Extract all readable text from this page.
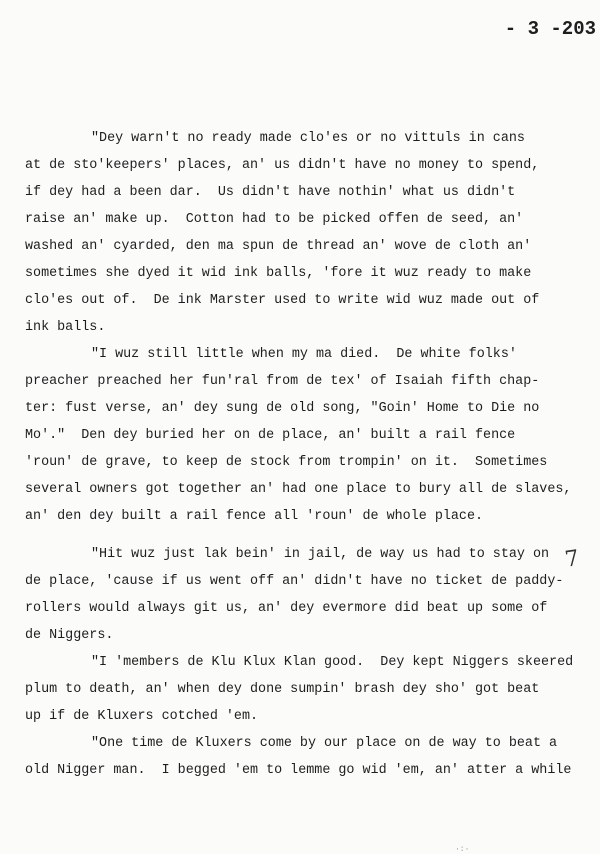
- 3 -203
7
"Dey warn't no ready made clo'es or no vittuls in cans
at de sto'keepers' places, an' us didn't have no money to spend,
if dey had a been dar.  Us didn't have nothin' what us didn't
raise an' make up.  Cotton had to be picked offen de seed, an'
washed an' cyarded, den ma spun de thread an' wove de cloth an'
sometimes she dyed it wid ink balls, 'fore it wuz ready to make
clo'es out of.  De ink Marster used to write wid wuz made out of
ink balls.
"I wuz still little when my ma died.  De white folks'
preacher preached her fun'ral from de tex' of Isaiah fifth chap-
ter: fust verse, an' dey sung de old song, "Goin' Home to Die no
Mo'."  Den dey buried her on de place, an' built a rail fence
'roun' de grave, to keep de stock from trompin' on it.  Sometimes
several owners got together an' had one place to bury all de slaves,
an' den dey built a rail fence all 'roun' de whole place.
"Hit wuz just lak bein' in jail, de way us had to stay on
de place, 'cause if us went off an' didn't have no ticket de paddy-
rollers would always git us, an' dey evermore did beat up some of
de Niggers.
"I 'members de Klu Klux Klan good.  Dey kept Niggers skeered
plum to death, an' when dey done sumpin' brash dey sho' got beat
up if de Kluxers cotched 'em.
"One time de Kluxers come by our place on de way to beat a
old Nigger man.  I begged 'em to lemme go wid 'em, an' atter a while
·:·
